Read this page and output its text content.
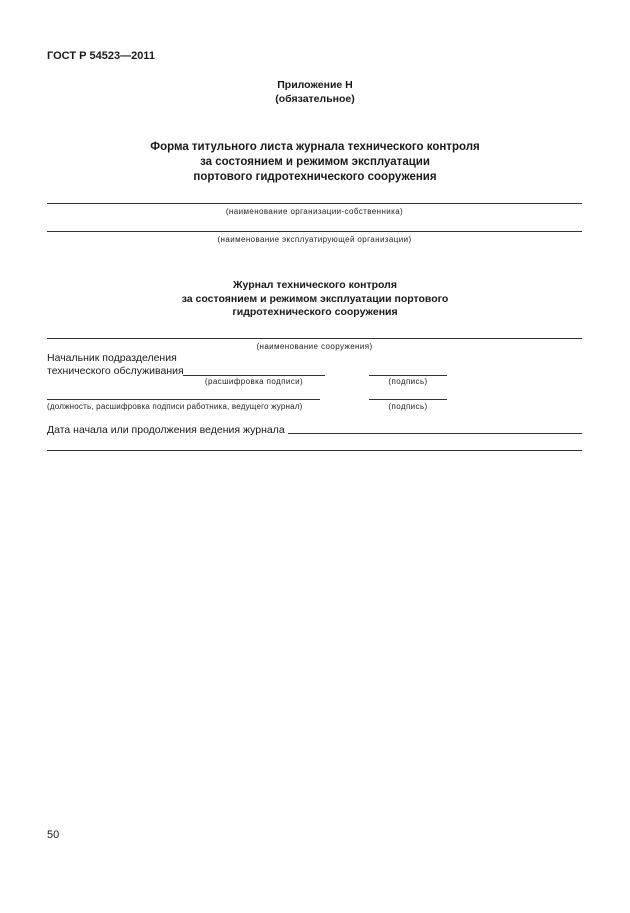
ГОСТ Р 54523—2011
Приложение Н
(обязательное)
Форма титульного листа журнала технического контроля
за состоянием и режимом эксплуатации
портового гидротехнического сооружения
(наименование организации-собственника)
(наименование эксплуатирующей организации)
Журнал технического контроля
за состоянием и режимом эксплуатации портового
гидротехнического сооружения
(наименование сооружения)
Начальник подразделения
технического обслуживания
(расшифровка подписи)	(подпись)
(должность, расшифровка подписи работника, ведущего журнал)	(подпись)
Дата начала или продолжения ведения журнала
50
